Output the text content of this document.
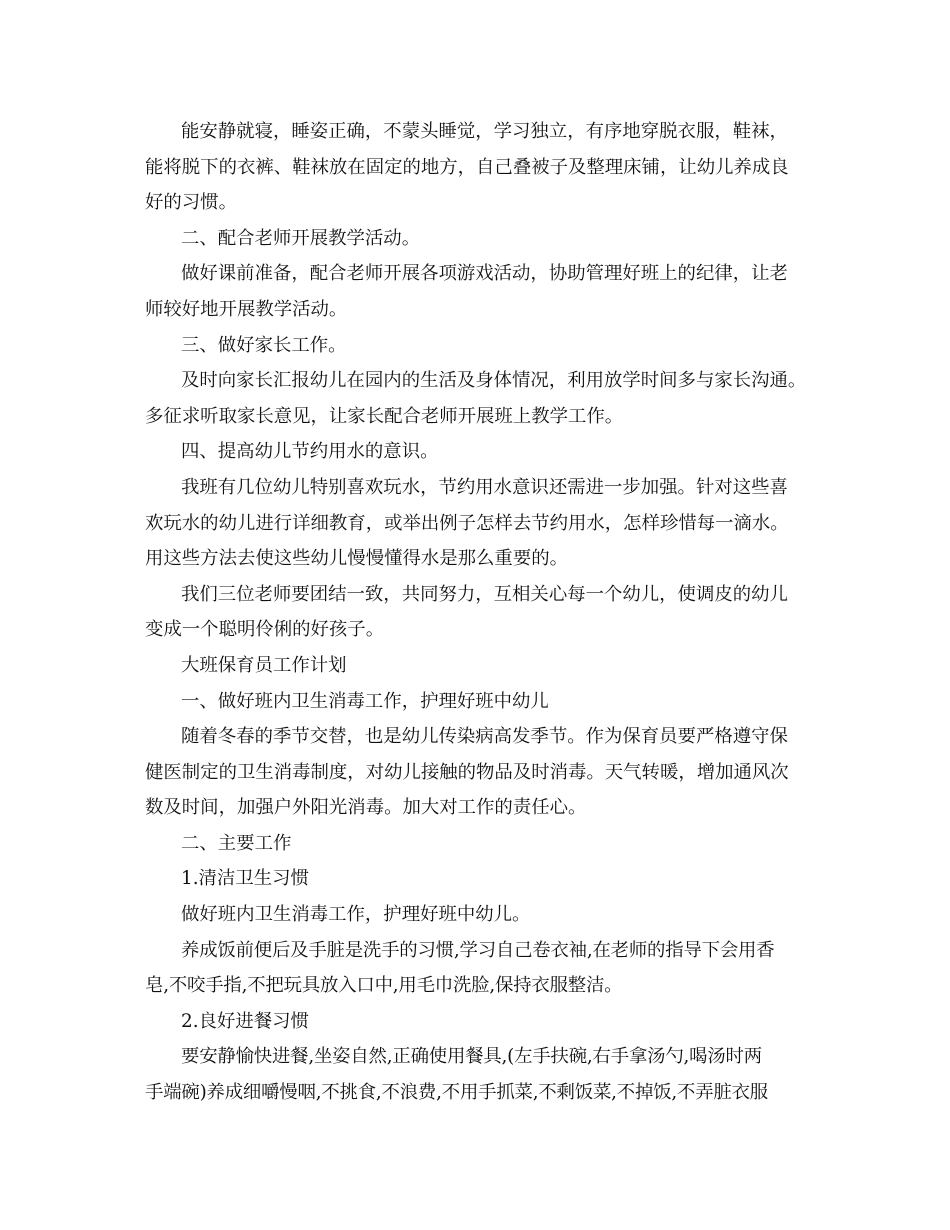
能安静就寝，睡姿正确，不蒙头睡觉，学习独立，有序地穿脱衣服，鞋袜，
能将脱下的衣裤、鞋袜放在固定的地方，自己叠被子及整理床铺，让幼儿养成良
好的习惯。
二、配合老师开展教学活动。
做好课前准备，配合老师开展各项游戏活动，协助管理好班上的纪律，让老
师较好地开展教学活动。
三、做好家长工作。
及时向家长汇报幼儿在园内的生活及身体情况，利用放学时间多与家长沟通。
多征求听取家长意见，让家长配合老师开展班上教学工作。
四、提高幼儿节约用水的意识。
我班有几位幼儿特别喜欢玩水，节约用水意识还需进一步加强。针对这些喜
欢玩水的幼儿进行详细教育，或举出例子怎样去节约用水，怎样珍惜每一滴水。
用这些方法去使这些幼儿慢慢懂得水是那么重要的。
我们三位老师要团结一致，共同努力，互相关心每一个幼儿，使调皮的幼儿
变成一个聪明伶俐的好孩子。
大班保育员工作计划
一、做好班内卫生消毒工作，护理好班中幼儿
随着冬春的季节交替，也是幼儿传染病高发季节。作为保育员要严格遵守保
健医制定的卫生消毒制度，对幼儿接触的物品及时消毒。天气转暖，增加通风次
数及时间，加强户外阳光消毒。加大对工作的责任心。
二、主要工作
1.清洁卫生习惯
做好班内卫生消毒工作，护理好班中幼儿。
养成饭前便后及手脏是洗手的习惯,学习自己卷衣袖,在老师的指导下会用香
皂,不咬手指,不把玩具放入口中,用毛巾洗脸,保持衣服整洁。
2.良好进餐习惯
要安静愉快进餐,坐姿自然,正确使用餐具,(左手扶碗,右手拿汤勺,喝汤时两
手端碗)养成细嚼慢咽,不挑食,不浪费,不用手抓菜,不剩饭菜,不掉饭,不弄脏衣服
